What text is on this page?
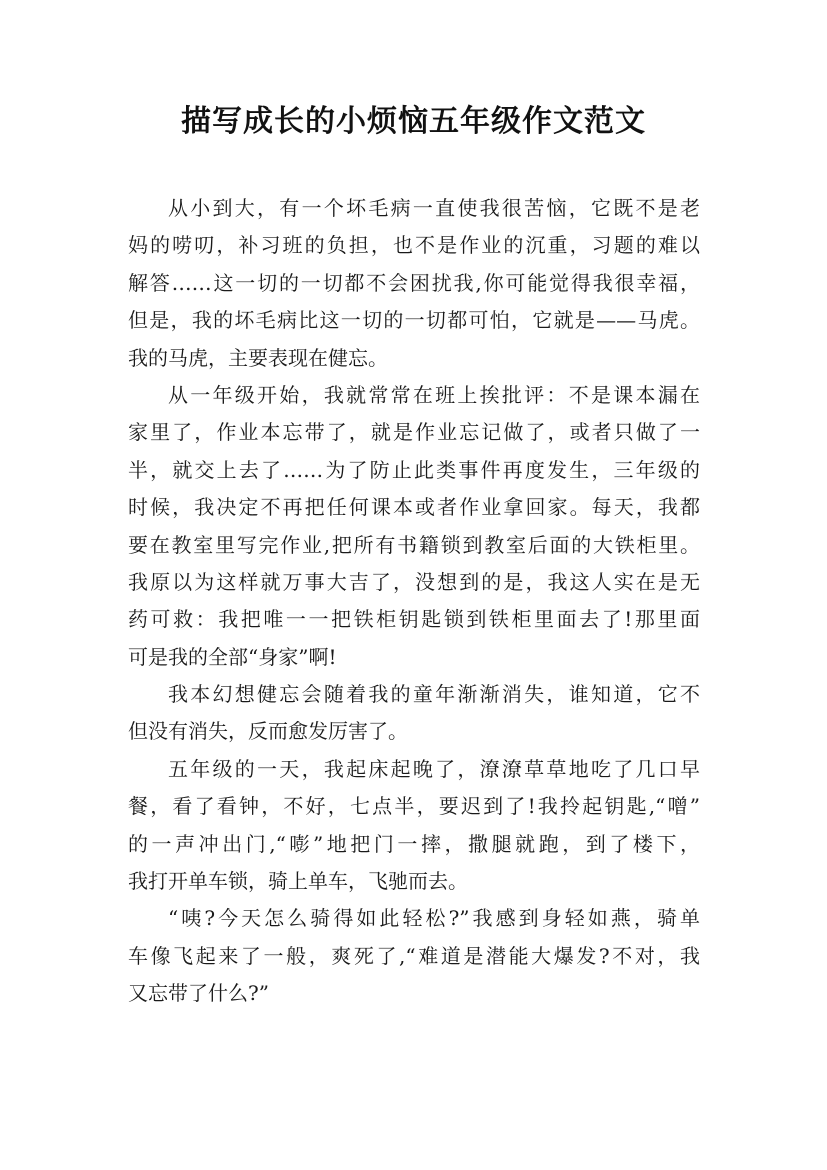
描写成长的小烦恼五年级作文范文
从小到大，有一个坏毛病一直使我很苦恼，它既不是老
妈的唠叨，补习班的负担，也不是作业的沉重，习题的难以
解答……这一切的一切都不会困扰我,你可能觉得我很幸福，
但是，我的坏毛病比这一切的一切都可怕，它就是——马虎。
我的马虎，主要表现在健忘。
从一年级开始，我就常常在班上挨批评：不是课本漏在
家里了，作业本忘带了，就是作业忘记做了，或者只做了一
半，就交上去了……为了防止此类事件再度发生，三年级的
时候，我决定不再把任何课本或者作业拿回家。每天，我都
要在教室里写完作业,把所有书籍锁到教室后面的大铁柜里。
我原以为这样就万事大吉了，没想到的是，我这人实在是无
药可救：我把唯一一把铁柜钥匙锁到铁柜里面去了!那里面
可是我的全部“身家”啊!
我本幻想健忘会随着我的童年渐渐消失，谁知道，它不
但没有消失，反而愈发厉害了。
五年级的一天，我起床起晚了，潦潦草草地吃了几口早
餐，看了看钟，不好，七点半，要迟到了!我拎起钥匙,“噌”
的一声冲出门,“嘭”地把门一摔，撒腿就跑，到了楼下，
我打开单车锁，骑上单车，飞驰而去。
“咦?今天怎么骑得如此轻松?”我感到身轻如燕，骑单
车像飞起来了一般，爽死了,“难道是潜能大爆发?不对，我
又忘带了什么?”
